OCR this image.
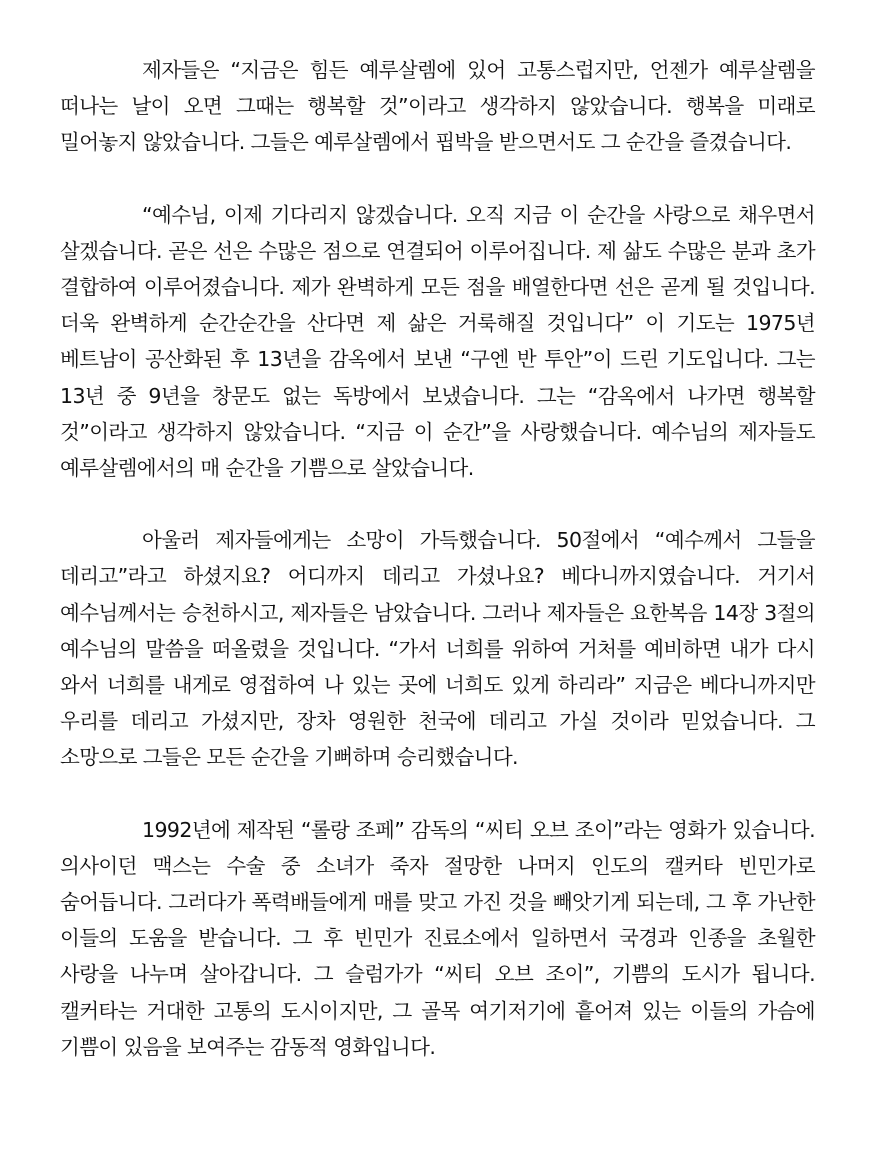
제자들은 “지금은 힘든 예루살렘에 있어 고통스럽지만, 언젠가 예루살렘을 떠나는 날이 오면 그때는 행복할 것”이라고 생각하지 않았습니다. 행복을 미래로 밀어놓지 않았습니다. 그들은 예루살렘에서 핍박을 받으면서도 그 순간을 즐겼습니다.

“예수님, 이제 기다리지 않겠습니다. 오직 지금 이 순간을 사랑으로 채우면서 살겠습니다. 곧은 선은 수많은 점으로 연결되어 이루어집니다. 제 삶도 수많은 분과 초가 결합하여 이루어졌습니다. 제가 완벽하게 모든 점을 배열한다면 선은 곧게 될 것입니다. 더욱 완벽하게 순간순간을 산다면 제 삶은 거룩해질 것입니다” 이 기도는 1975년 베트남이 공산화된 후 13년을 감옥에서 보낸 “구엔 반 투안”이 드린 기도입니다. 그는 13년 중 9년을 창문도 없는 독방에서 보냈습니다. 그는 “감옥에서 나가면 행복할 것”이라고 생각하지 않았습니다. “지금 이 순간”을 사랑했습니다. 예수님의 제자들도 예루살렘에서의 매 순간을 기쁨으로 살았습니다.

아울러 제자들에게는 소망이 가득했습니다. 50절에서 “예수께서 그들을 데리고”라고 하셨지요? 어디까지 데리고 가셨나요? 베다니까지였습니다. 거기서 예수님께서는 승천하시고, 제자들은 남았습니다. 그러나 제자들은 요한복음 14장 3절의 예수님의 말씀을 떠올렸을 것입니다. “가서 너희를 위하여 거처를 예비하면 내가 다시 와서 너희를 내게로 영접하여 나 있는 곳에 너희도 있게 하리라” 지금은 베다니까지만 우리를 데리고 가셨지만, 장차 영원한 천국에 데리고 가실 것이라 믿었습니다. 그 소망으로 그들은 모든 순간을 기뻐하며 승리했습니다.

1992년에 제작된 “롤랑 조페” 감독의 “씨티 오브 조이”라는 영화가 있습니다. 의사이던 맥스는 수술 중 소녀가 죽자 절망한 나머지 인도의 캘커타 빈민가로 숨어듭니다. 그러다가 폭력배들에게 매를 맞고 가진 것을 빼앗기게 되는데, 그 후 가난한 이들의 도움을 받습니다. 그 후 빈민가 진료소에서 일하면서 국경과 인종을 초월한 사랑을 나누며 살아갑니다. 그 슬럼가가 “씨티 오브 조이”, 기쁨의 도시가 됩니다. 캘커타는 거대한 고통의 도시이지만, 그 골목 여기저기에 흩어져 있는 이들의 가슴에 기쁨이 있음을 보여주는 감동적 영화입니다.
